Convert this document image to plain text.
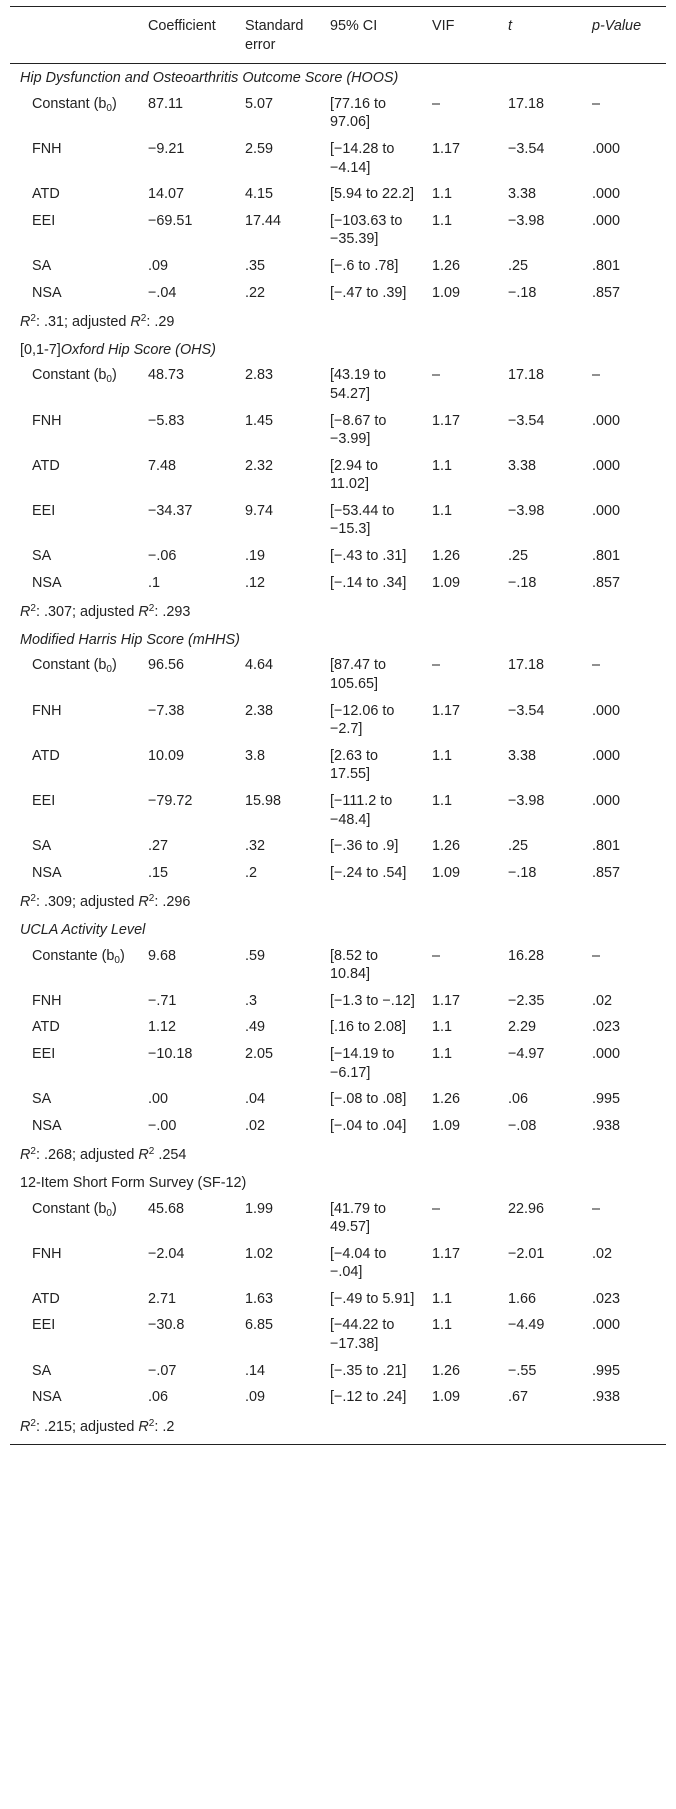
	Coefficient	Standard error	95% CI	VIF	t	p-Value
Hip Dysfunction and Osteoarthritis Outcome Score (HOOS)						
Constant $(b_0)$	87.11	5.07	[77.16 to 97.06]	–	17.18	–
FNH	−9.21	2.59	[−14.28 to −4.14]	1.17	−3.54	.000
ATD	14.07	4.15	[5.94 to 22.2]	1.1	3.38	.000
EEI	−69.51	17.44	[−103.63 to −35.39]	1.1	−3.98	.000
SA	.09	.35	[−.6 to .78]	1.26	.25	.801
NSA	−.04	.22	[−.47 to .39]	1.09	−.18	.857
$R^2$: .31; adjusted $R^2$: .29						
[0,1-7]Oxford Hip Score (OHS)						
Constant $(b_0)$	48.73	2.83	[43.19 to 54.27]	–	17.18	–
FNH	−5.83	1.45	[−8.67 to −3.99]	1.17	−3.54	.000
ATD	7.48	2.32	[2.94 to 11.02]	1.1	3.38	.000
EEI	−34.37	9.74	[−53.44 to −15.3]	1.1	−3.98	.000
SA	−.06	.19	[−.43 to .31]	1.26	.25	.801
NSA	.1	.12	[−.14 to .34]	1.09	−.18	.857
$R^2$: .307; adjusted $R^2$: .293						
Modified Harris Hip Score (mHHS)						
Constant $(b_0)$	96.56	4.64	[87.47 to 105.65]	–	17.18	–
FNH	−7.38	2.38	[−12.06 to −2.7]	1.17	−3.54	.000
ATD	10.09	3.8	[2.63 to 17.55]	1.1	3.38	.000
EEI	−79.72	15.98	[−111.2 to −48.4]	1.1	−3.98	.000
SA	.27	.32	[−.36 to .9]	1.26	.25	.801
NSA	.15	.2	[−.24 to .54]	1.09	−.18	.857
$R^2$: .309; adjusted $R^2$: .296						
UCLA Activity Level						
Constante $(b_0)$	9.68	.59	[8.52 to 10.84]	–	16.28	–
FNH	−.71	.3	[−1.3 to −.12]	1.17	−2.35	.02
ATD	1.12	.49	[.16 to 2.08]	1.1	2.29	.023
EEI	−10.18	2.05	[−14.19 to −6.17]	1.1	−4.97	.000
SA	.00	.04	[−.08 to .08]	1.26	.06	.995
NSA	−.00	.02	[−.04 to .04]	1.09	−.08	.938
$R^2$: .268; adjusted $R^2$ .254						
12-Item Short Form Survey (SF-12)						
Constant $(b_0)$	45.68	1.99	[41.79 to 49.57]	–	22.96	–
FNH	−2.04	1.02	[−4.04 to −.04]	1.17	−2.01	.02
ATD	2.71	1.63	[−.49 to 5.91]	1.1	1.66	.023
EEI	−30.8	6.85	[−44.22 to −17.38]	1.1	−4.49	.000
SA	−.07	.14	[−.35 to .21]	1.26	−.55	.995
NSA	.06	.09	[−.12 to .24]	1.09	.67	.938
$R^2$: .215; adjusted $R^2$: .2						
